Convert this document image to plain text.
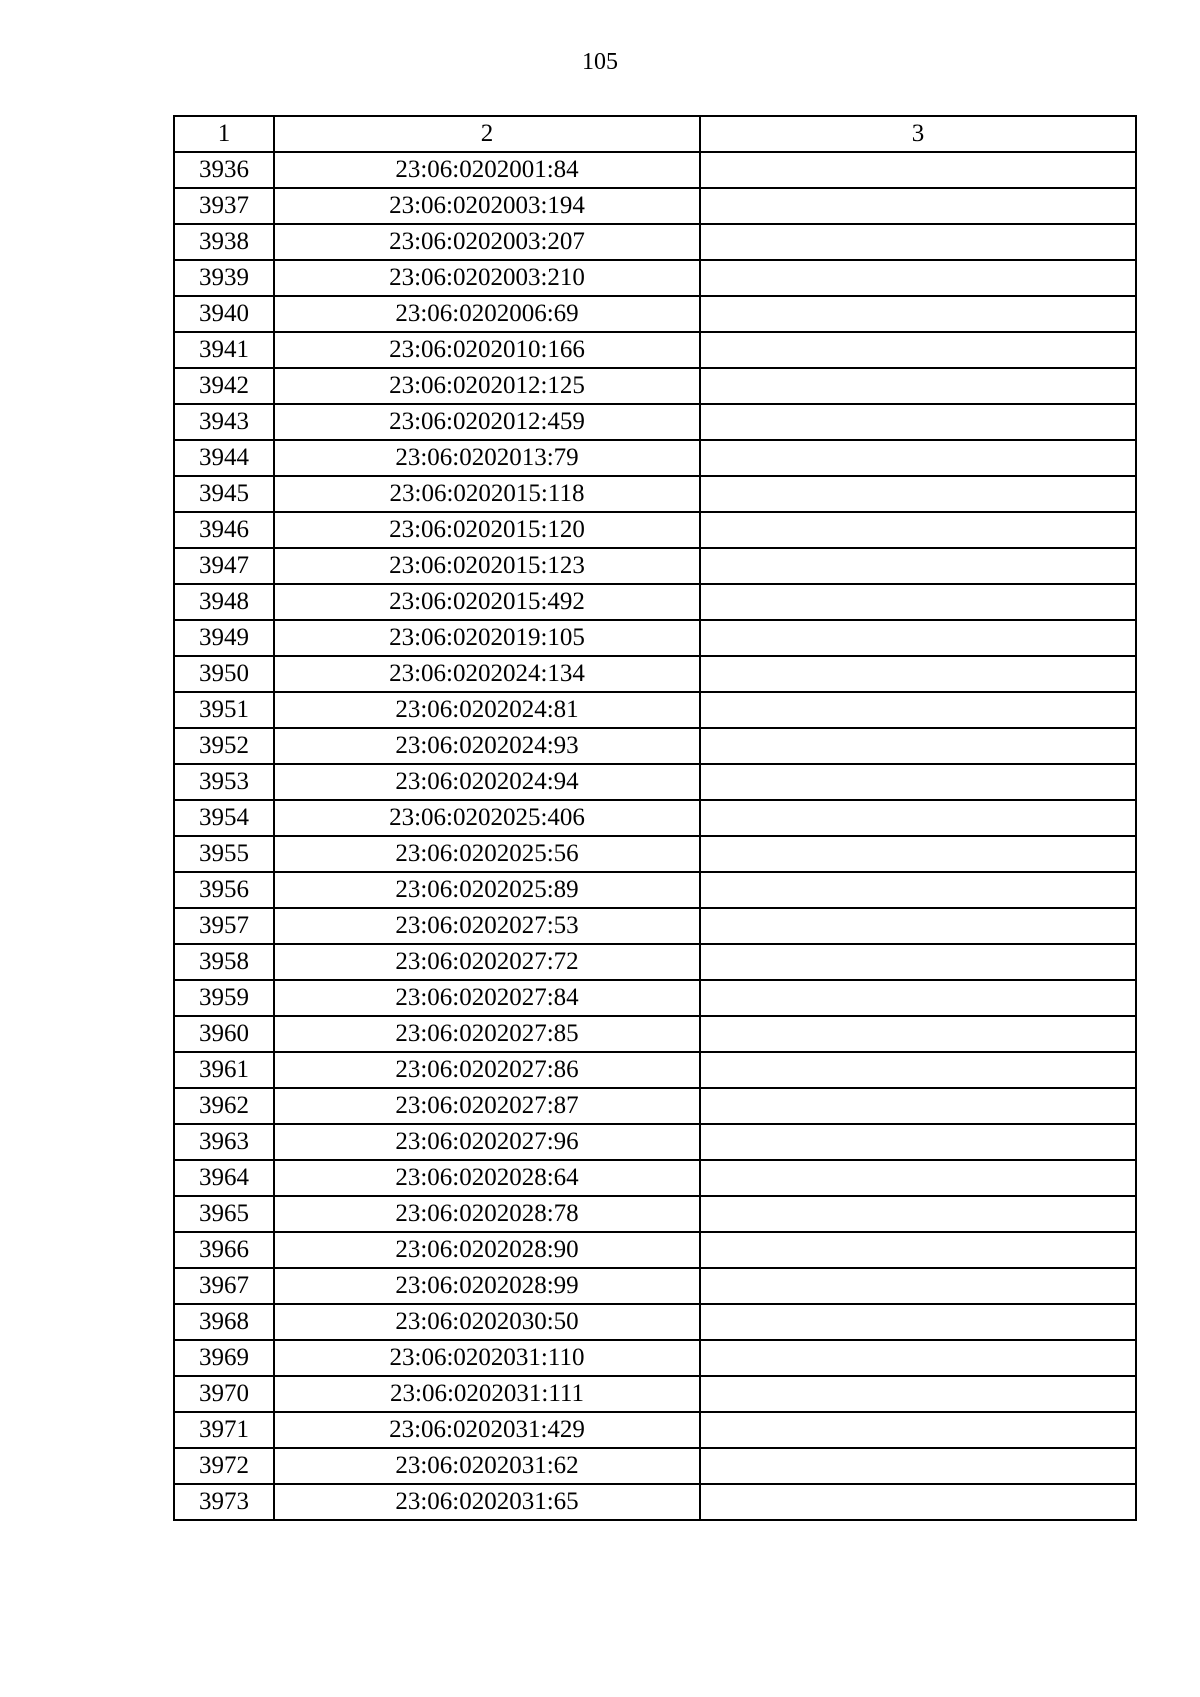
105
1	2	3
3936	23:06:0202001:84	
3937	23:06:0202003:194	
3938	23:06:0202003:207	
3939	23:06:0202003:210	
3940	23:06:0202006:69	
3941	23:06:0202010:166	
3942	23:06:0202012:125	
3943	23:06:0202012:459	
3944	23:06:0202013:79	
3945	23:06:0202015:118	
3946	23:06:0202015:120	
3947	23:06:0202015:123	
3948	23:06:0202015:492	
3949	23:06:0202019:105	
3950	23:06:0202024:134	
3951	23:06:0202024:81	
3952	23:06:0202024:93	
3953	23:06:0202024:94	
3954	23:06:0202025:406	
3955	23:06:0202025:56	
3956	23:06:0202025:89	
3957	23:06:0202027:53	
3958	23:06:0202027:72	
3959	23:06:0202027:84	
3960	23:06:0202027:85	
3961	23:06:0202027:86	
3962	23:06:0202027:87	
3963	23:06:0202027:96	
3964	23:06:0202028:64	
3965	23:06:0202028:78	
3966	23:06:0202028:90	
3967	23:06:0202028:99	
3968	23:06:0202030:50	
3969	23:06:0202031:110	
3970	23:06:0202031:111	
3971	23:06:0202031:429	
3972	23:06:0202031:62	
3973	23:06:0202031:65	
